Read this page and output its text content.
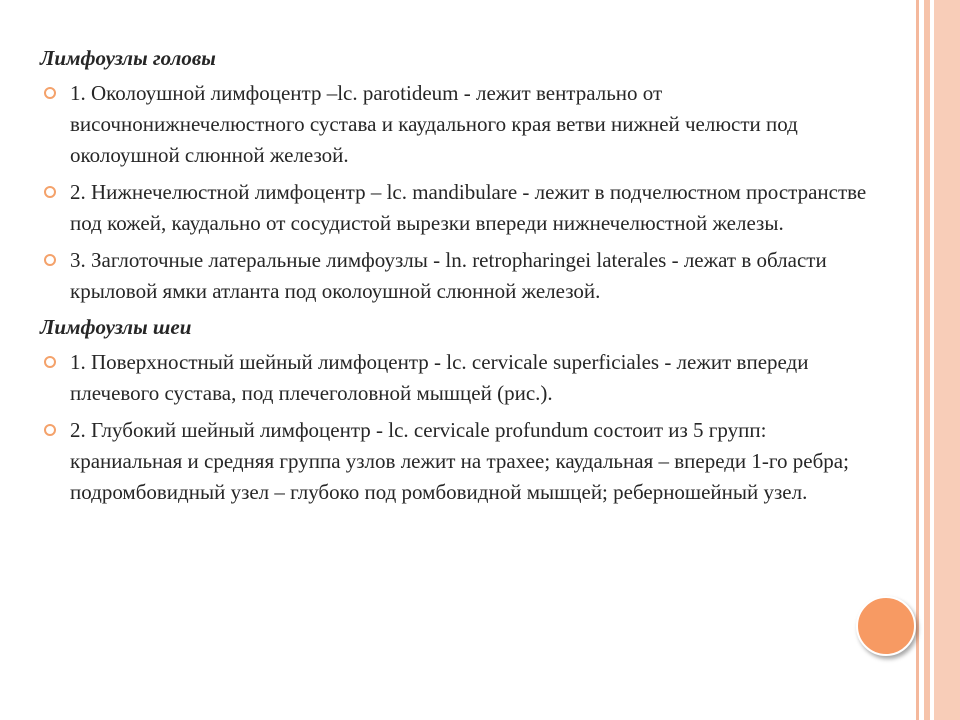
Лимфоузлы головы
1. Околоушной лимфоцентр –lc. parotideum - лежит вентрально от височнонижнечелюстного сустава и каудального края ветви нижней челюсти под околоушной слюнной железой.
2. Нижнечелюстной лимфоцентр – lc. mandibulare - лежит в подчелюстном пространстве под кожей, каудально от сосудистой вырезки впереди нижнечелюстной железы.
3. Заглоточные латеральные лимфоузлы - ln. retropharingei laterales - лежат в области крыловой ямки атланта под околоушной слюнной железой.
Лимфоузлы шеи
1. Поверхностный шейный лимфоцентр - lc. cervicale superficiales - лежит впереди плечевого сустава, под плечеголовной мышцей (рис.).
2. Глубокий шейный лимфоцентр - lc. cervicale profundum состоит из 5 групп: краниальная и средняя группа узлов лежит на трахее; каудальная – впереди 1-го ребра; подромбовидный узел – глубоко под ромбовидной мышцей; реберношейный узел.
